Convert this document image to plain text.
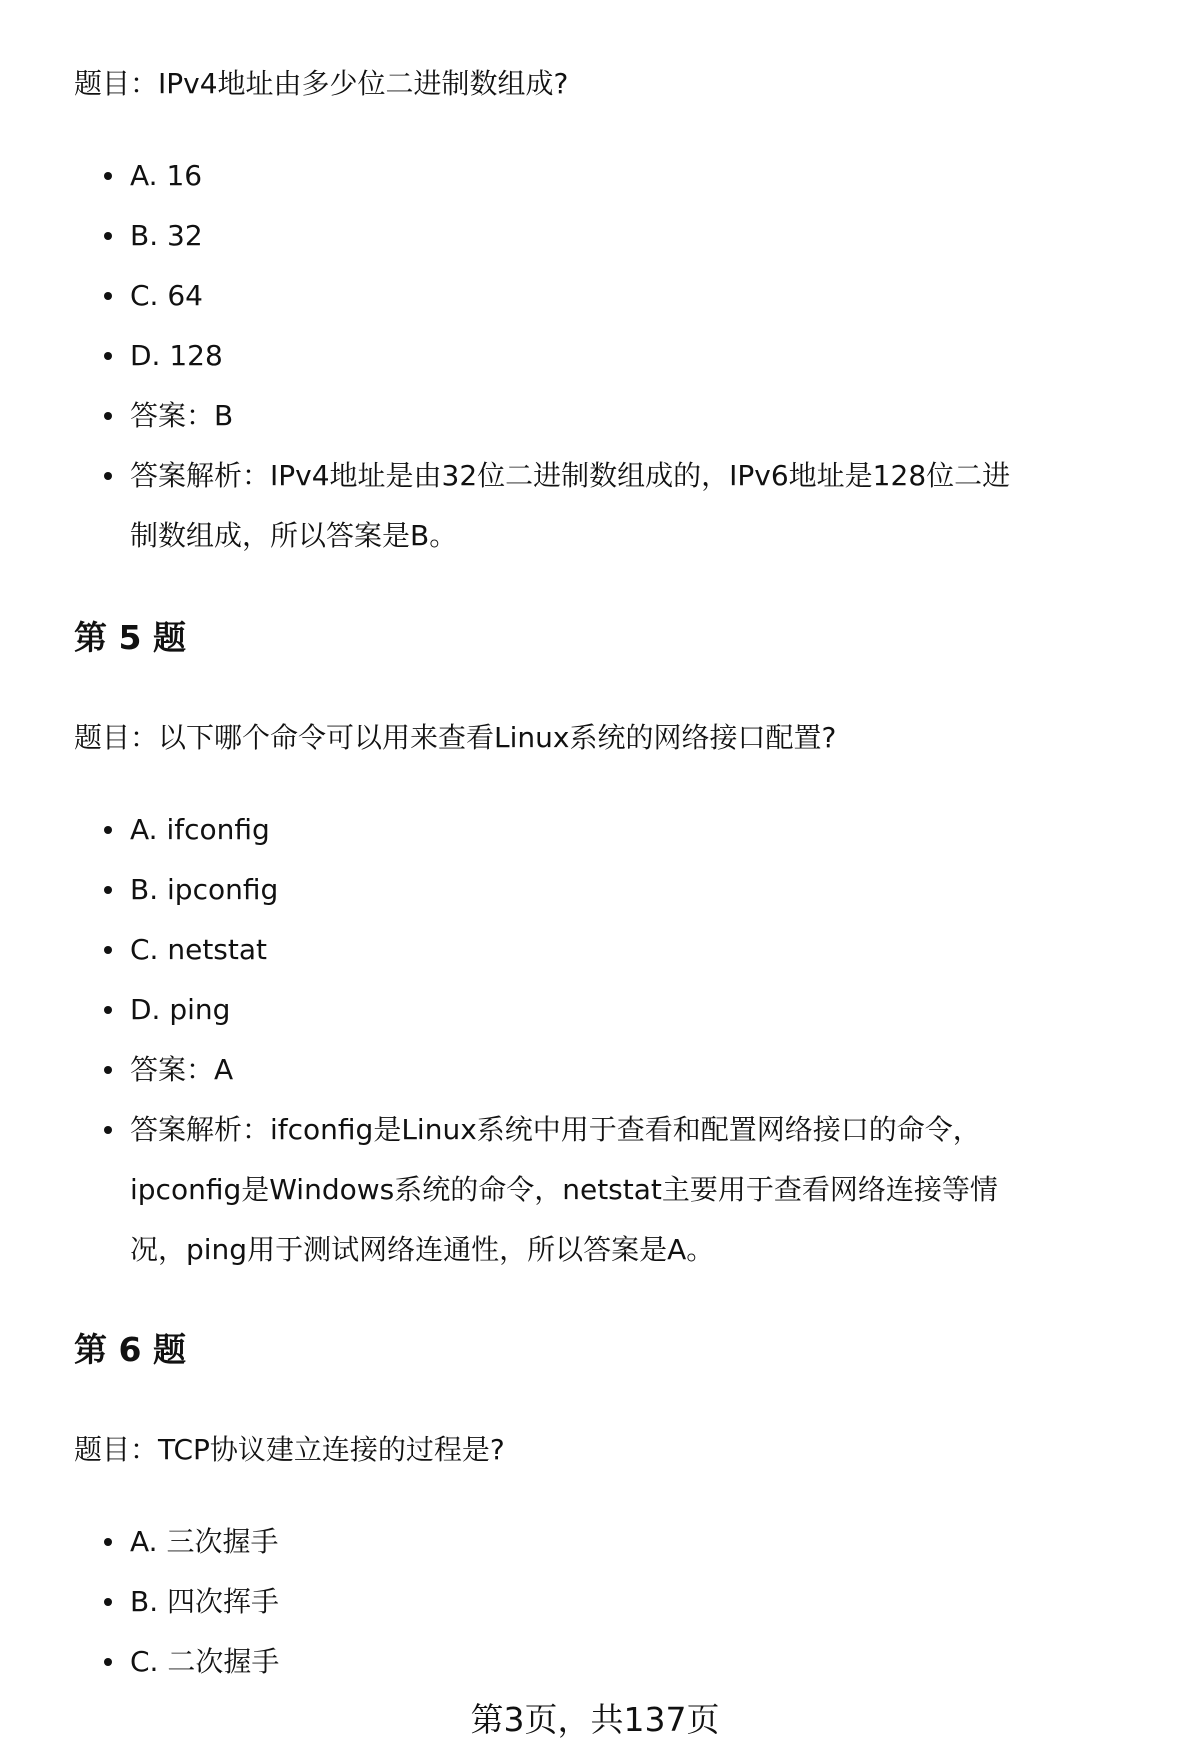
题目：IPv4地址由多少位二进制数组成?

A. 16
B. 32
C. 64
D. 128
答案：B
答案解析：IPv4地址是由32位二进制数组成的，IPv6地址是128位二进制数组成，所以答案是B。
第 5 题

题目：以下哪个命令可以用来查看Linux系统的网络接口配置?

A. ifconfig
B. ipconfig
C. netstat
D. ping
答案：A
答案解析：ifconfig是Linux系统中用于查看和配置网络接口的命令，ipconfig是Windows系统的命令，netstat主要用于查看网络连接等情况，ping用于测试网络连通性，所以答案是A。
第 6 题

题目：TCP协议建立连接的过程是?

A. 三次握手
B. 四次挥手
C. 二次握手

第3页，共137页
